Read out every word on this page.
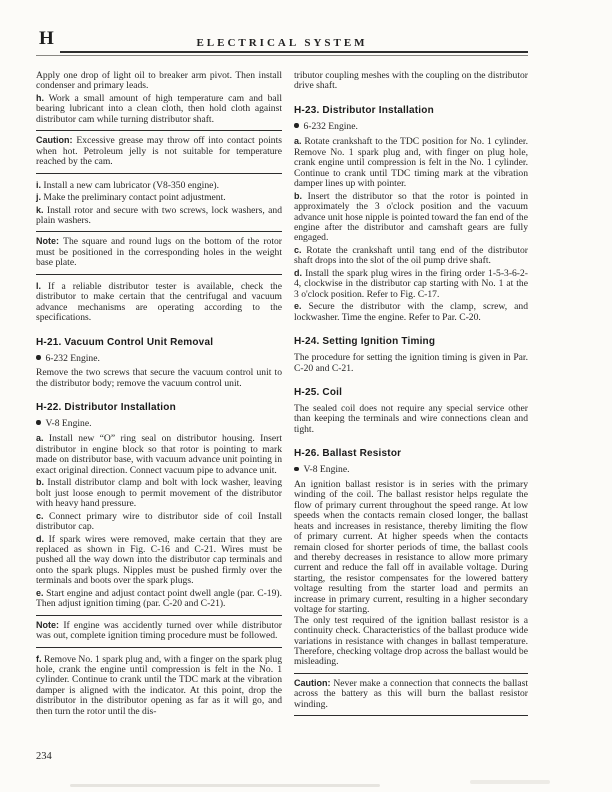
H	ELECTRICAL SYSTEM

Apply one drop of light oil to breaker arm pivot. Then install condenser and primary leads.

h. Work a small amount of high temperature cam and ball bearing lubricant into a clean cloth, then hold cloth against distributor cam while turning distributor shaft.

Caution: Excessive grease may throw off into contact points when hot. Petroleum jelly is not suitable for temperature reached by the cam.

i. Install a new cam lubricator (V8-350 engine).

j. Make the preliminary contact point adjustment.

k. Install rotor and secure with two screws, lock washers, and plain washers.

Note: The square and round lugs on the bottom of the rotor must be positioned in the corresponding holes in the weight base plate.

l. If a reliable distributor tester is available, check the distributor to make certain that the centrifugal and vacuum advance mechanisms are operating according to the specifications.

H-21. Vacuum Control Unit Removal
6-232 Engine.

Remove the two screws that secure the vacuum control unit to the distributor body; remove the vacuum control unit.

H-22. Distributor Installation
V-8 Engine.

a. Install new “O” ring seal on distributor housing. Insert distributor in engine block so that rotor is pointing to mark made on distributor base, with vacuum advance unit pointing in exact original direction. Connect vacuum pipe to advance unit.

b. Install distributor clamp and bolt with lock washer, leaving bolt just loose enough to permit movement of the distributor with heavy hand pressure.

c. Connect primary wire to distributor side of coil Install distributor cap.

d. If spark wires were removed, make certain that they are replaced as shown in Fig. C-16 and C-21. Wires must be pushed all the way down into the distributor cap terminals and onto the spark plugs. Nipples must be pushed firmly over the terminals and boots over the spark plugs.

e. Start engine and adjust contact point dwell angle (par. C-19). Then adjust ignition timing (par. C-20 and C-21).

Note: If engine was accidently turned over while distributor was out, complete ignition timing procedure must be followed.

f. Remove No. 1 spark plug and, with a finger on the spark plug hole, crank the engine until compression is felt in the No. 1 cylinder. Continue to crank until the TDC mark at the vibration damper is aligned with the indicator. At this point, drop the distributor in the distributor opening as far as it will go, and then turn the rotor until the dis-

tributor coupling meshes with the coupling on the distributor drive shaft.

H-23. Distributor Installation
6-232 Engine.

a. Rotate crankshaft to the TDC position for No. 1 cylinder. Remove No. 1 spark plug and, with finger on plug hole, crank engine until compression is felt in the No. 1 cylinder. Continue to crank until TDC timing mark at the vibration damper lines up with pointer.

b. Insert the distributor so that the rotor is pointed in approximately the 3 o'clock position and the vacuum advance unit hose nipple is pointed toward the fan end of the engine after the distributor and camshaft gears are fully engaged.

c. Rotate the crankshaft until tang end of the distributor shaft drops into the slot of the oil pump drive shaft.

d. Install the spark plug wires in the firing order 1-5-3-6-2-4, clockwise in the distributor cap starting with No. 1 at the 3 o'clock position. Refer to Fig. C-17.

e. Secure the distributor with the clamp, screw, and lockwasher. Time the engine. Refer to Par. C-20.

H-24. Setting Ignition Timing

The procedure for setting the ignition timing is given in Par. C-20 and C-21.

H-25. Coil

The sealed coil does not require any special service other than keeping the terminals and wire connections clean and tight.

H-26. Ballast Resistor
V-8 Engine.

An ignition ballast resistor is in series with the primary winding of the coil. The ballast resistor helps regulate the flow of primary current throughout the speed range. At low speeds when the contacts remain closed longer, the ballast heats and increases in resistance, thereby limiting the flow of primary current. At higher speeds when the contacts remain closed for shorter periods of time, the ballast cools and thereby decreases in resistance to allow more primary current and reduce the fall off in available voltage. During starting, the resistor compensates for the lowered battery voltage resulting from the starter load and permits an increase in primary current, resulting in a higher secondary voltage for starting.

The only test required of the ignition ballast resistor is a continuity check. Characteristics of the ballast produce wide variations in resistance with changes in ballast temperature. Therefore, checking voltage drop across the ballast would be misleading.

Caution: Never make a connection that connects the ballast across the battery as this will burn the ballast resistor winding.

234
